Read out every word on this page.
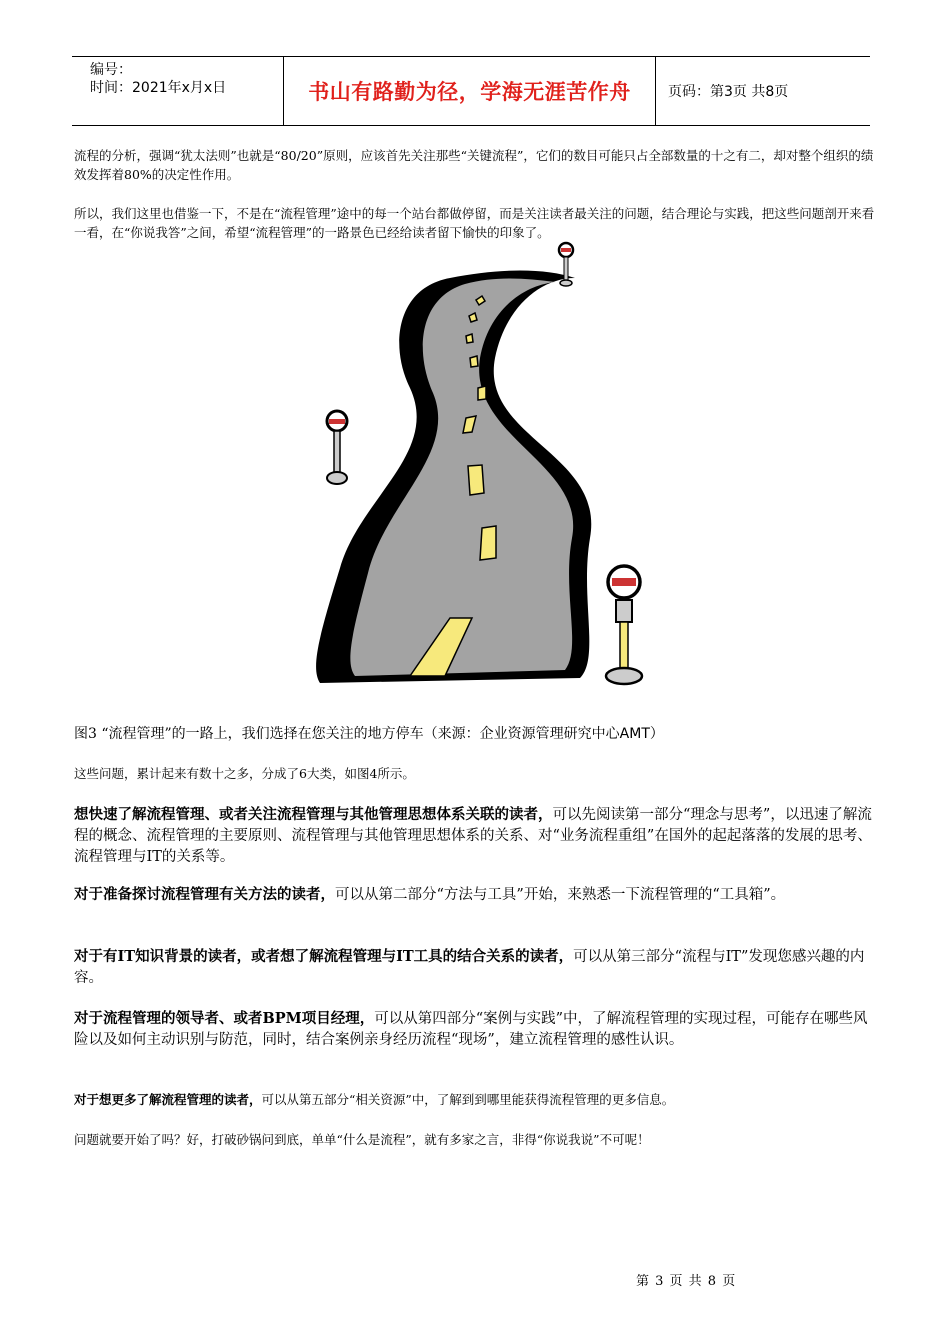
编号：
时间：2021年x月x日	书山有路勤为径，学海无涯苦作舟	页码：第3页 共8页

流程的分析，强调“犹太法则”也就是“80/20”原则，应该首先关注那些“关键流程”，它们的数目可能只占全部数量的十之有二，却对整个组织的绩效发挥着80%的决定性作用。

所以，我们这里也借鉴一下，不是在“流程管理”途中的每一个站台都做停留，而是关注读者最关注的问题，结合理论与实践，把这些问题剖开来看一看，在“你说我答”之间，希望“流程管理”的一路景色已经给读者留下愉快的印象了。

图3 “流程管理”的一路上，我们选择在您关注的地方停车（来源：企业资源管理研究中心AMT）

这些问题，累计起来有数十之多，分成了6大类，如图4所示。

想快速了解流程管理、或者关注流程管理与其他管理思想体系关联的读者，可以先阅读第一部分“理念与思考”，以迅速了解流程的概念、流程管理的主要原则、流程管理与其他管理思想体系的关系、对“业务流程重组”在国外的起起落落的发展的思考、流程管理与IT的关系等。

对于准备探讨流程管理有关方法的读者，可以从第二部分“方法与工具”开始，来熟悉一下流程管理的“工具箱”。

对于有IT知识背景的读者，或者想了解流程管理与IT工具的结合关系的读者，可以从第三部分“流程与IT”发现您感兴趣的内容。

对于流程管理的领导者、或者BPM项目经理，可以从第四部分“案例与实践”中，了解流程管理的实现过程，可能存在哪些风险以及如何主动识别与防范，同时，结合案例亲身经历流程“现场”，建立流程管理的感性认识。

对于想更多了解流程管理的读者，可以从第五部分“相关资源”中，了解到到哪里能获得流程管理的更多信息。

问题就要开始了吗？好，打破砂锅问到底，单单“什么是流程”，就有多家之言，非得“你说我说”不可呢！

第 3 页 共 8 页
